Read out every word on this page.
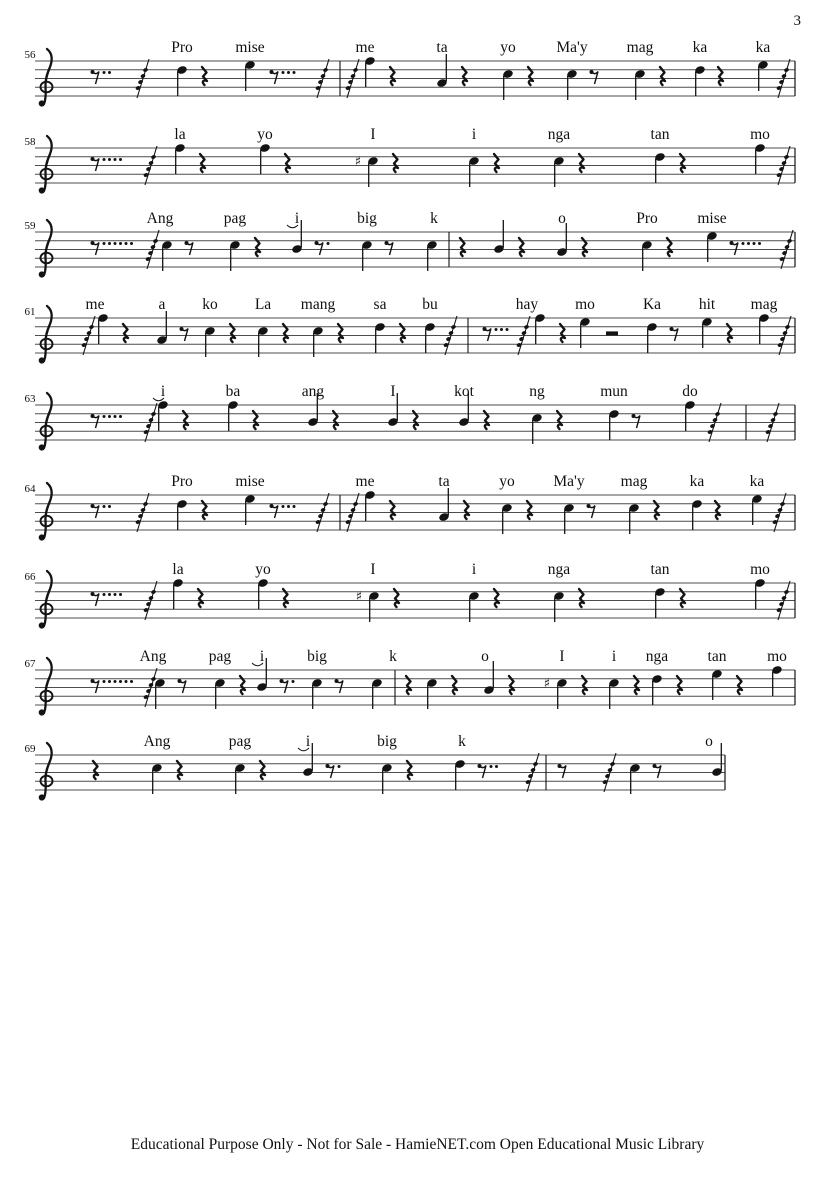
3
56	Pro	mise	me	ta	yo	Ma'y	mag	ka	ka
58
♯
la	yo	I	i	nga	tan	mo
59	Ang	pag	i	big	k	o	Pro	mise
61	me	a ko La mang sa bu	hay mo	Ka hit mag
63	i	ba	ang	I	kot	ng	mun	do
64	Pro	mise	me	ta	yo Ma'y mag	ka	ka
66
♯
la	yo	I	i	nga	tan	mo
67
♯
Ang	pag i	big	k	o	I	i nga	tan	mo
69	Ang	pag	i	big	k	o
Educational Purpose Only - Not for Sale - HamieNET.com Open Educational Music Library
